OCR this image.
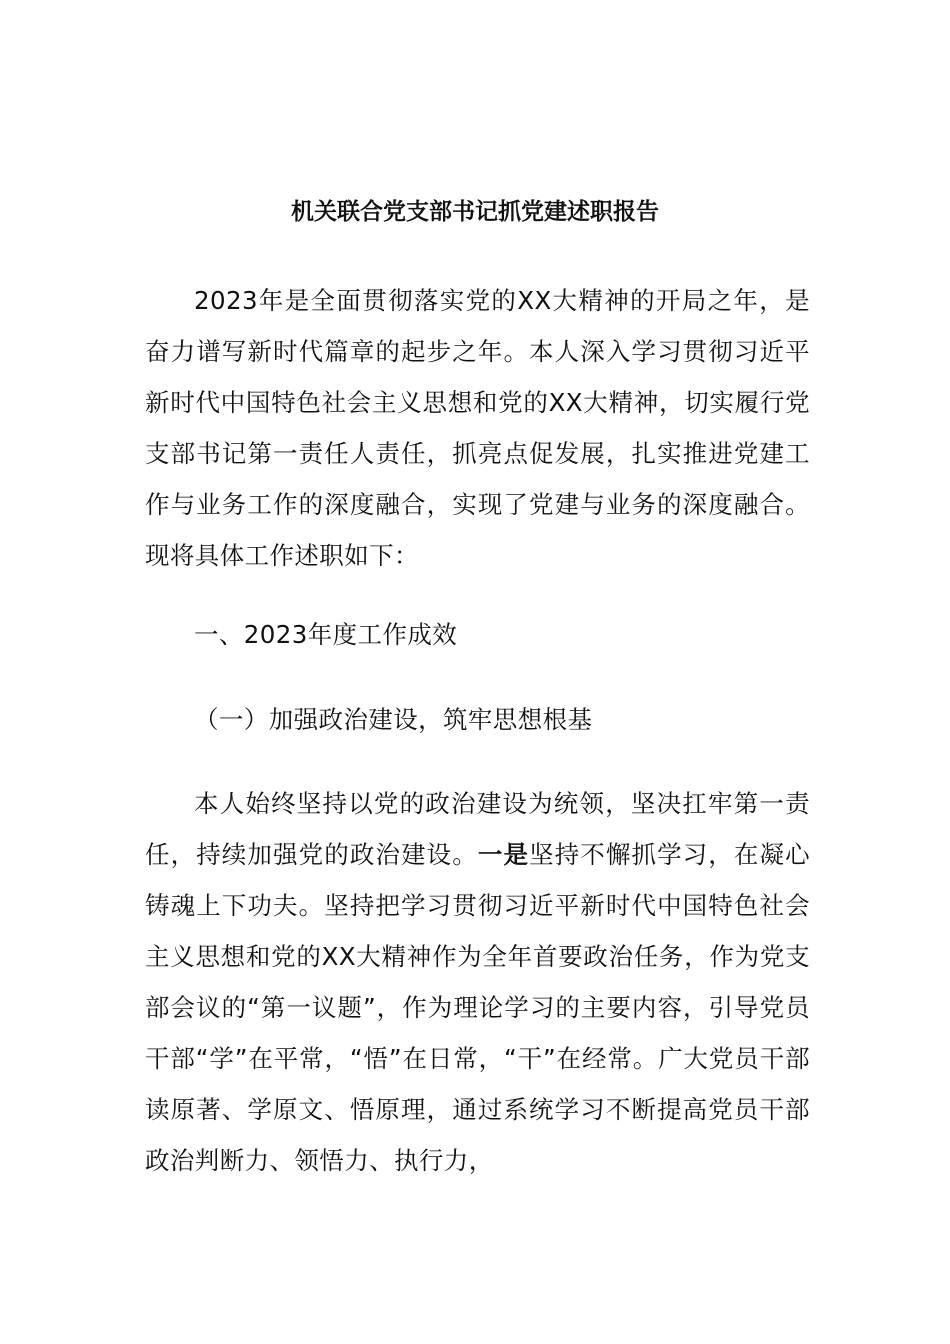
机关联合党支部书记抓党建述职报告

2023年是全面贯彻落实党的XX大精神的开局之年，是奋力谱写新时代篇章的起步之年。本人深入学习贯彻习近平新时代中国特色社会主义思想和党的XX大精神，切实履行党支部书记第一责任人责任，抓亮点促发展，扎实推进党建工作与业务工作的深度融合，实现了党建与业务的深度融合。现将具体工作述职如下：

一、2023年度工作成效

（一）加强政治建设，筑牢思想根基

本人始终坚持以党的政治建设为统领，坚决扛牢第一责任，持续加强党的政治建设。一是坚持不懈抓学习，在凝心铸魂上下功夫。坚持把学习贯彻习近平新时代中国特色社会主义思想和党的XX大精神作为全年首要政治任务，作为党支部会议的“第一议题”，作为理论学习的主要内容，引导党员干部“学”在平常，“悟”在日常，“干”在经常。广大党员干部读原著、学原文、悟原理，通过系统学习不断提高党员干部政治判断力、领悟力、执行力，
